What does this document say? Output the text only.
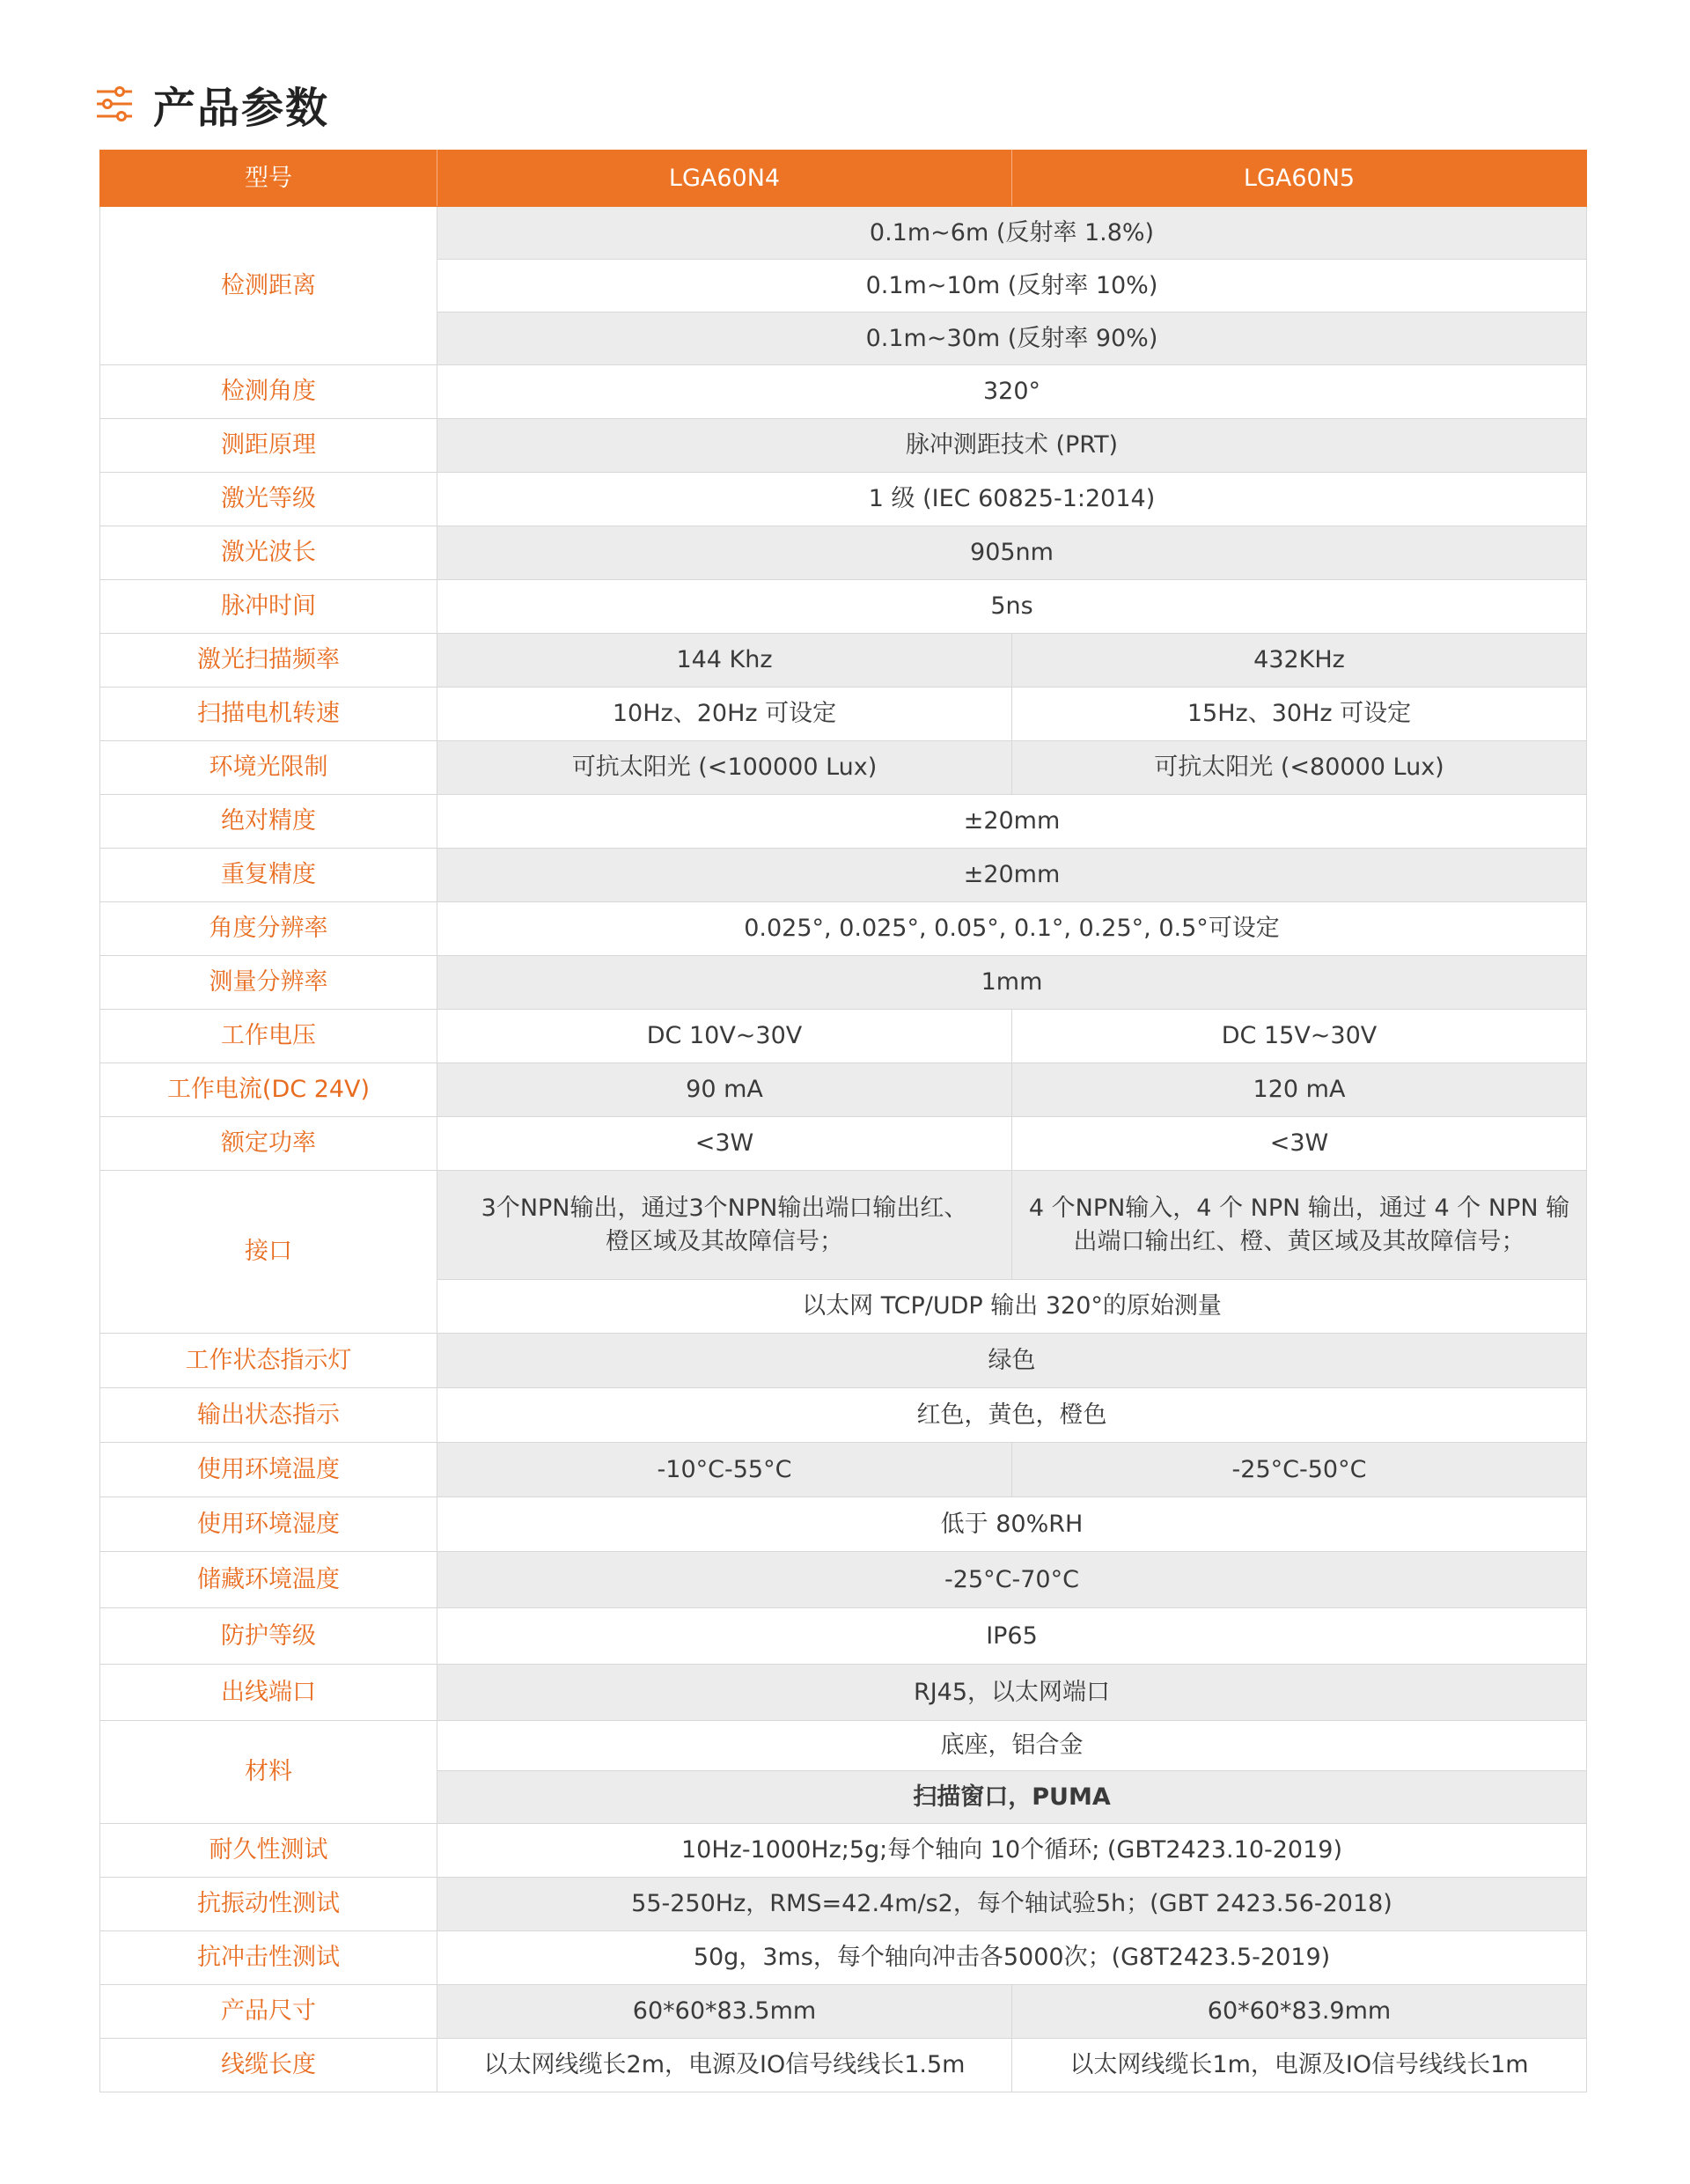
产品参数
型号	LGA60N4	LGA60N5
检测距离	0.1m~6m (反射率 1.8%)	
	0.1m~10m (反射率 10%)	
	0.1m~30m (反射率 90%)	
检测角度	320°	
测距原理	脉冲测距技术 (PRT)	
激光等级	1 级 (IEC 60825-1:2014)	
激光波长	905nm	
脉冲时间	5ns	
激光扫描频率	144 Khz	432KHz
扫描电机转速	10Hz、20Hz 可设定	15Hz、30Hz 可设定
环境光限制	可抗太阳光 (<100000 Lux)	可抗太阳光 (<80000 Lux)
绝对精度	±20mm	
重复精度	±20mm	
角度分辨率	0.025°, 0.025°, 0.05°, 0.1°, 0.25°, 0.5°可设定	
测量分辨率	1mm	
工作电压	DC 10V~30V	DC 15V~30V
工作电流(DC 24V)	90 mA	120 mA
额定功率	<3W	<3W
接口	3个NPN输出，通过3个NPN输出端口输出红、橙区域及其故障信号；	4 个NPN输入，4 个 NPN 输出，通过 4 个 NPN 输出端口输出红、橙、黄区域及其故障信号；
	以太网 TCP/UDP 输出 320°的原始测量	
工作状态指示灯	绿色	
输出状态指示	红色，黄色，橙色	
使用环境温度	-10°C-55°C	-25°C-50°C
使用环境湿度	低于 80%RH	
储藏环境温度	-25°C-70°C	
防护等级	IP65	
出线端口	RJ45，以太网端口	
材料	底座，铝合金	
	扫描窗口，PUMA	
耐久性测试	10Hz-1000Hz;5g;每个轴向 10个循环; (GBT2423.10-2019)	
抗振动性测试	55-250Hz，RMS=42.4m/s2，每个轴试验5h；(GBT 2423.56-2018)	
抗冲击性测试	50g，3ms，每个轴向冲击各5000次；(G8T2423.5-2019)	
产品尺寸	60*60*83.5mm	60*60*83.9mm
线缆长度	以太网线缆长2m，电源及IO信号线线长1.5m	以太网线缆长1m，电源及IO信号线线长1m
